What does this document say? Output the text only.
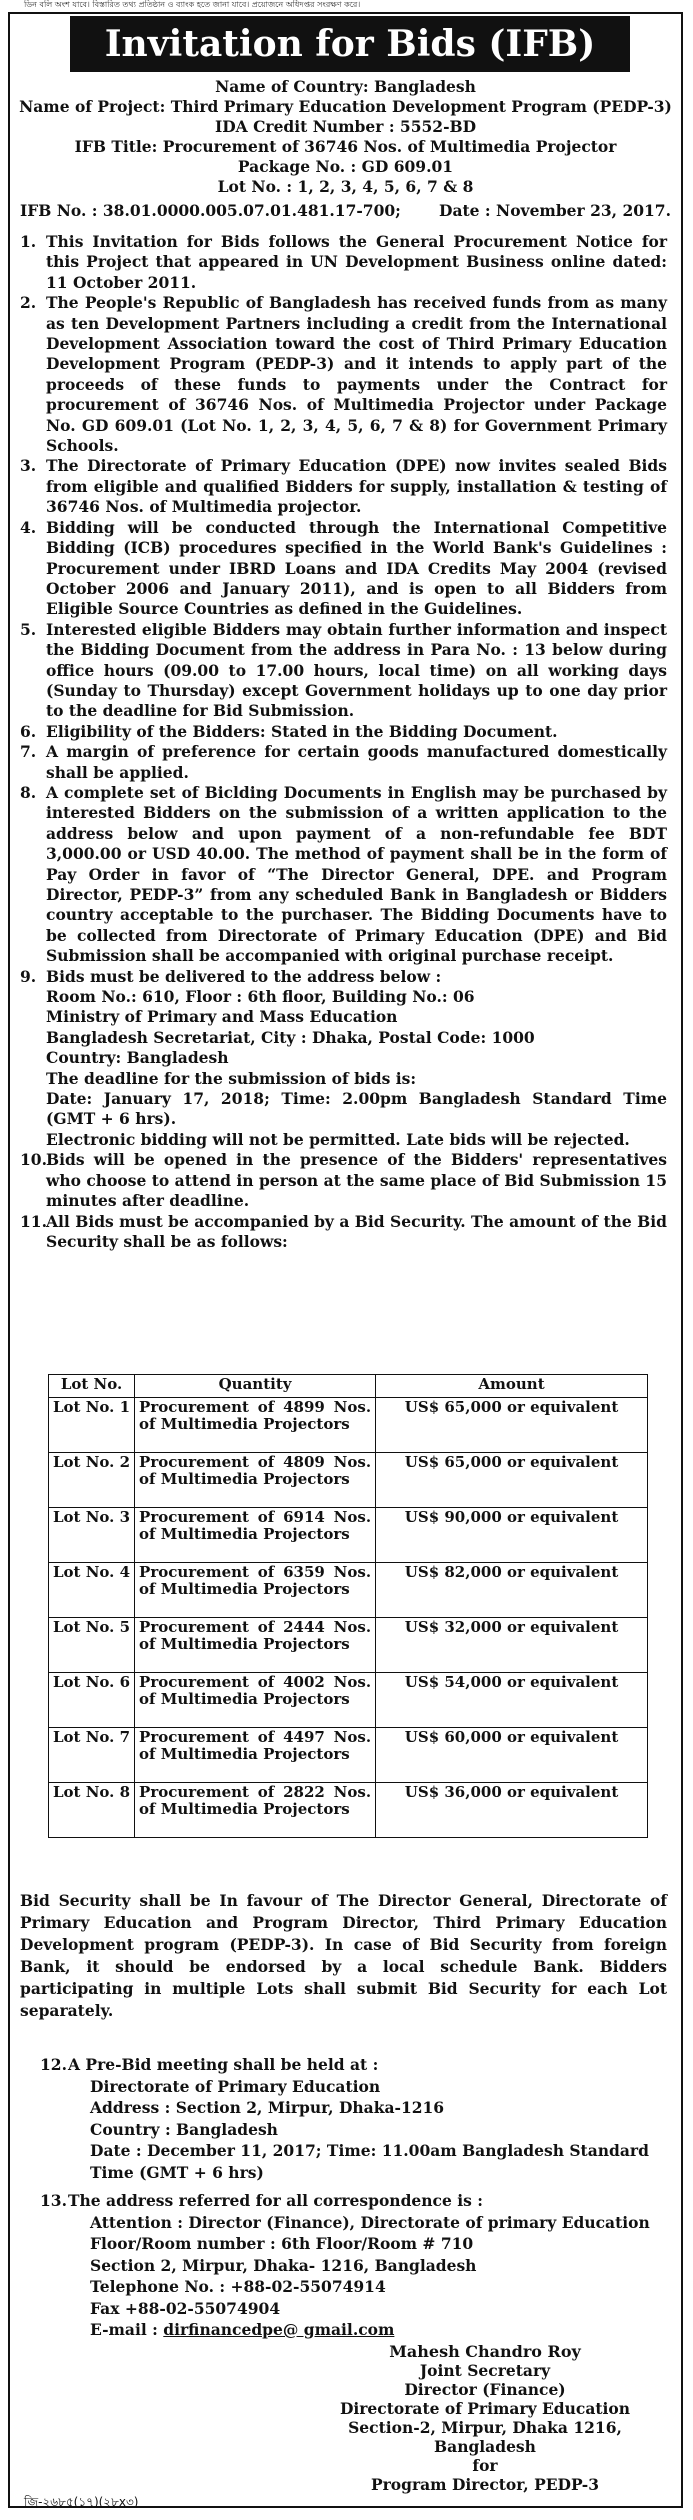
ডিন বলি অংশ যাবে। বিস্তারিত তথ্য প্রতিষ্ঠান ও ব্যাংক হতে জানা যাবে। প্রয়োজনে অধিদপ্তর সংরক্ষণ করে।
Invitation for Bids (IFB)
Name of Country: Bangladesh
Name of Project: Third Primary Education Development Program (PEDP-3)
IDA Credit Number : 5552-BD
IFB Title: Procurement of 36746 Nos. of Multimedia Projector
Package No. : GD 609.01
Lot No. : 1, 2, 3, 4, 5, 6, 7 & 8
IFB No. : 38.01.0000.005.07.01.481.17-700; Date : November 23, 2017.
1. This Invitation for Bids follows the General Procurement Notice for this Project that appeared in UN Development Business online dated: 11 October 2011.
2. The People's Republic of Bangladesh has received funds from as many as ten Development Partners including a credit from the International Development Association toward the cost of Third Primary Education Development Program (PEDP-3) and it intends to apply part of the proceeds of these funds to payments under the Contract for procurement of 36746 Nos. of Multimedia Projector under Package No. GD 609.01 (Lot No. 1, 2, 3, 4, 5, 6, 7 & 8) for Government Primary Schools.
3. The Directorate of Primary Education (DPE) now invites sealed Bids from eligible and qualified Bidders for supply, installation & testing of 36746 Nos. of Multimedia projector.
4. Bidding will be conducted through the International Competitive Bidding (ICB) procedures specified in the World Bank's Guidelines : Procurement under IBRD Loans and IDA Credits May 2004 (revised October 2006 and January 2011), and is open to all Bidders from Eligible Source Countries as defined in the Guidelines.
5. Interested eligible Bidders may obtain further information and inspect the Bidding Document from the address in Para No. : 13 below during office hours (09.00 to 17.00 hours, local time) on all working days (Sunday to Thursday) except Government holidays up to one day prior to the deadline for Bid Submission.
6. Eligibility of the Bidders: Stated in the Bidding Document.
7. A margin of preference for certain goods manufactured domestically shall be applied.
8. A complete set of Biclding Documents in English may be purchased by interested Bidders on the submission of a written application to the address below and upon payment of a non-refundable fee BDT 3,000.00 or USD 40.00. The method of payment shall be in the form of Pay Order in favor of “The Director General, DPE. and Program Director, PEDP-3” from any scheduled Bank in Bangladesh or Bidders country acceptable to the purchaser. The Bidding Documents have to be collected from Directorate of Primary Education (DPE) and Bid Submission shall be accompanied with original purchase receipt.
9. Bids must be delivered to the address below :
Room No.: 610, Floor : 6th floor, Building No.: 06
Ministry of Primary and Mass Education
Bangladesh Secretariat, City : Dhaka, Postal Code: 1000
Country: Bangladesh
The deadline for the submission of bids is:
Date: January 17, 2018; Time: 2.00pm Bangladesh Standard Time (GMT + 6 hrs).
Electronic bidding will not be permitted. Late bids will be rejected.
10. Bids will be opened in the presence of the Bidders' representatives who choose to attend in person at the same place of Bid Submission 15 minutes after deadline.
11. All Bids must be accompanied by a Bid Security. The amount of the Bid Security shall be as follows:
Lot No.	Quantity	Amount
Lot No. 1	Procurement of 4899 Nos. of Multimedia Projectors	US$ 65,000 or equivalent
Lot No. 2	Procurement of 4809 Nos. of Multimedia Projectors	US$ 65,000 or equivalent
Lot No. 3	Procurement of 6914 Nos. of Multimedia Projectors	US$ 90,000 or equivalent
Lot No. 4	Procurement of 6359 Nos. of Multimedia Projectors	US$ 82,000 or equivalent
Lot No. 5	Procurement of 2444 Nos. of Multimedia Projectors	US$ 32,000 or equivalent
Lot No. 6	Procurement of 4002 Nos. of Multimedia Projectors	US$ 54,000 or equivalent
Lot No. 7	Procurement of 4497 Nos. of Multimedia Projectors	US$ 60,000 or equivalent
Lot No. 8	Procurement of 2822 Nos. of Multimedia Projectors	US$ 36,000 or equivalent
Bid Security shall be In favour of The Director General, Directorate of Primary Education and Program Director, Third Primary Education Development program (PEDP-3). In case of Bid Security from foreign Bank, it should be endorsed by a local schedule Bank. Bidders participating in multiple Lots shall submit Bid Security for each Lot separately.
12. A Pre-Bid meeting shall be held at :
Directorate of Primary Education
Address : Section 2, Mirpur, Dhaka-1216
Country : Bangladesh
Date : December 11, 2017; Time: 11.00am Bangladesh Standard Time (GMT + 6 hrs)
13. The address referred for all correspondence is :
Attention : Director (Finance), Directorate of primary Education
Floor/Room number : 6th Floor/Room # 710
Section 2, Mirpur, Dhaka- 1216, Bangladesh
Telephone No. : +88-02-55074914
Fax +88-02-55074904
E-mail : dirfinancedpe@ gmail.com
Mahesh Chandro Roy
Joint Secretary
Director (Finance)
Directorate of Primary Education
Section-2, Mirpur, Dhaka 1216, Bangladesh
for
Program Director, PEDP-3
জি-২৬৮৫(১৭)(২৮x৩)
